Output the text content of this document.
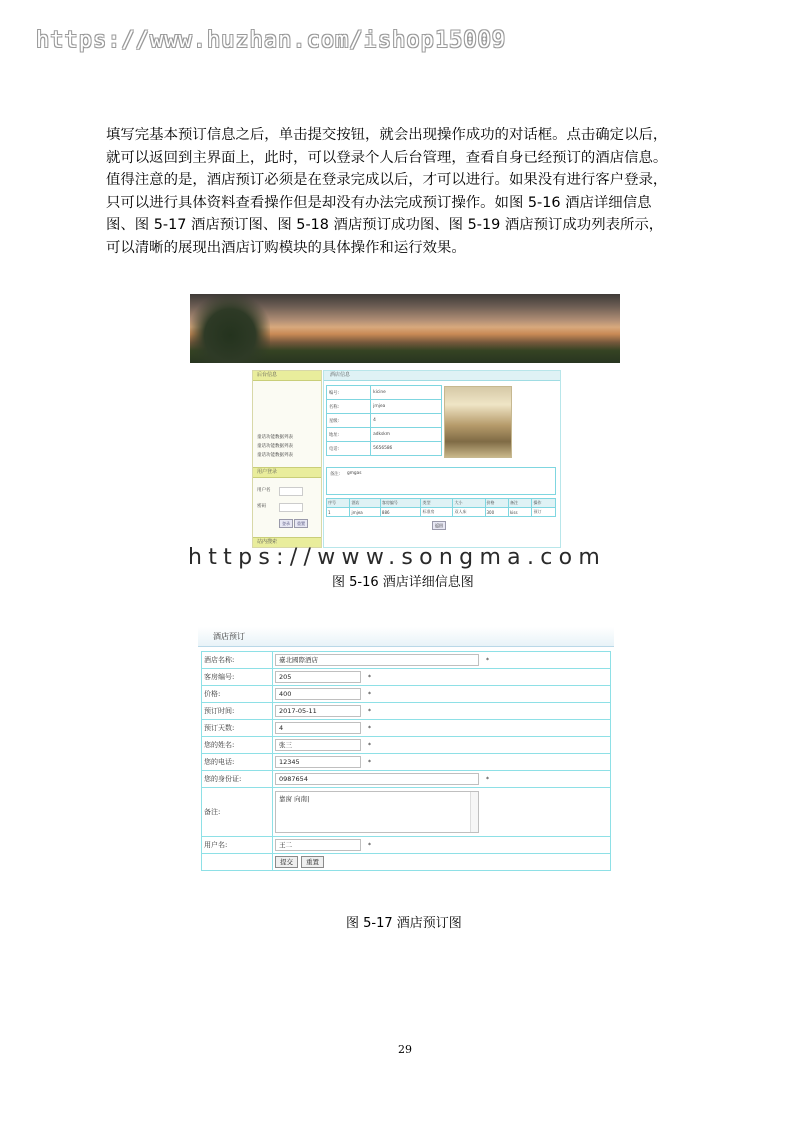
https://www.huzhan.com/ishop15009

填写完基本预订信息之后，单击提交按钮，就会出现操作成功的对话框。点击确定以后，

就可以返回到主界面上，此时，可以登录个人后台管理，查看自身已经预订的酒店信息。

值得注意的是，酒店预订必须是在登录完成以后，才可以进行。如果没有进行客户登录，

只可以进行具体资料查看操作但是却没有办法完成预订操作。如图 5-16 酒店详细信息

图、图 5-17 酒店预订图、图 5-18 酒店预订成功图、图 5-19 酒店预订成功列表所示，

可以清晰的展现出酒店订购模块的具体操作和运行效果。

后台信息
童话功能数据列表
童话功能数据列表
童话功能数据列表
用户登录
用户名
密码
登录	重置
站内搜索
酒店信息
编号:	kicine
名称:	jrnjea
星级:	4
地址:	adkskm
电话:	5656586
备注: gmgas
序号	酒店	客房编号	类型	大小	价格	备注	操作
1	jrnjea	886	标准房	双人床	300	kiss	预订
返回
https://www.songma.com
图 5-16 酒店详细信息图
酒店预订
酒店名称:	臺北國際酒店 *
客房编号:	205 *
价格:	400 *
预订时间:	2017-05-11 *
预订天数:	4 *
您的姓名:	张三 *
您的电话:	12345 *
您的身份证:	0987654 *
备注:	靠窗 向南|

用户名:	王二 *
	提交 重置
图 5-17 酒店预订图
29
